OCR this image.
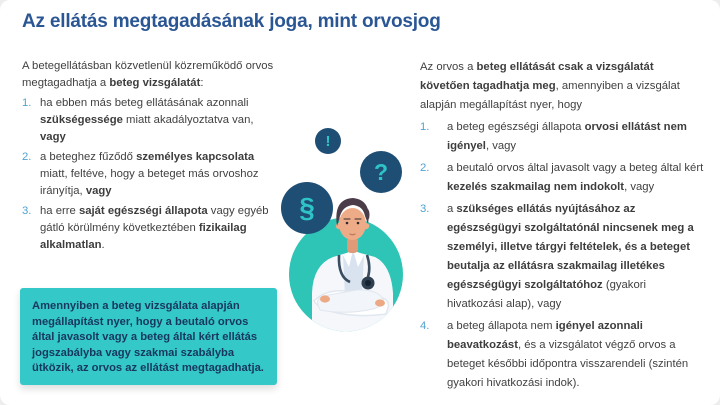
Az ellátás megtagadásának joga, mint orvosjog

A betegellátásban közvetlenül közreműködő orvos megtagadhatja a beteg vizsgálatát:

1. ha ebben más beteg ellátásának azonnali szükségessége miatt akadályoztatva van, vagy
2. a beteghez fűződő személyes kapcsolata miatt, feltéve, hogy a beteget más orvoshoz irányítja, vagy
3. ha erre saját egészségi állapota vagy egyéb gátló körülmény következtében fizikailag alkalmatlan.

Amennyiben a beteg vizsgálata alapján megállapítást nyer, hogy a beutaló orvos által javasolt vagy a beteg által kért ellátás jogszabályba vagy szakmai szabályba ütközik, az orvos az ellátást megtagadhatja.

!
?
§

Az orvos a beteg ellátását csak a vizsgálatát követően tagadhatja meg, amennyiben a vizsgálat alapján megállapítást nyer, hogy

1.	a beteg egészségi állapota orvosi ellátást nem igényel, vagy
2.	a beutaló orvos által javasolt vagy a beteg által kért kezelés szakmailag nem indokolt, vagy
3.	a szükséges ellátás nyújtásához az egészségügyi szolgáltatónál nincsenek meg a személyi, illetve tárgyi feltételek, és a beteget beutalja az ellátásra szakmailag illetékes egészségügyi szolgáltatóhoz (gyakori hivatkozási alap), vagy
4.	a beteg állapota nem igényel azonnali beavatkozást, és a vizsgálatot végző orvos a beteget későbbi időpontra visszarendeli (szintén gyakori hivatkozási indok).
